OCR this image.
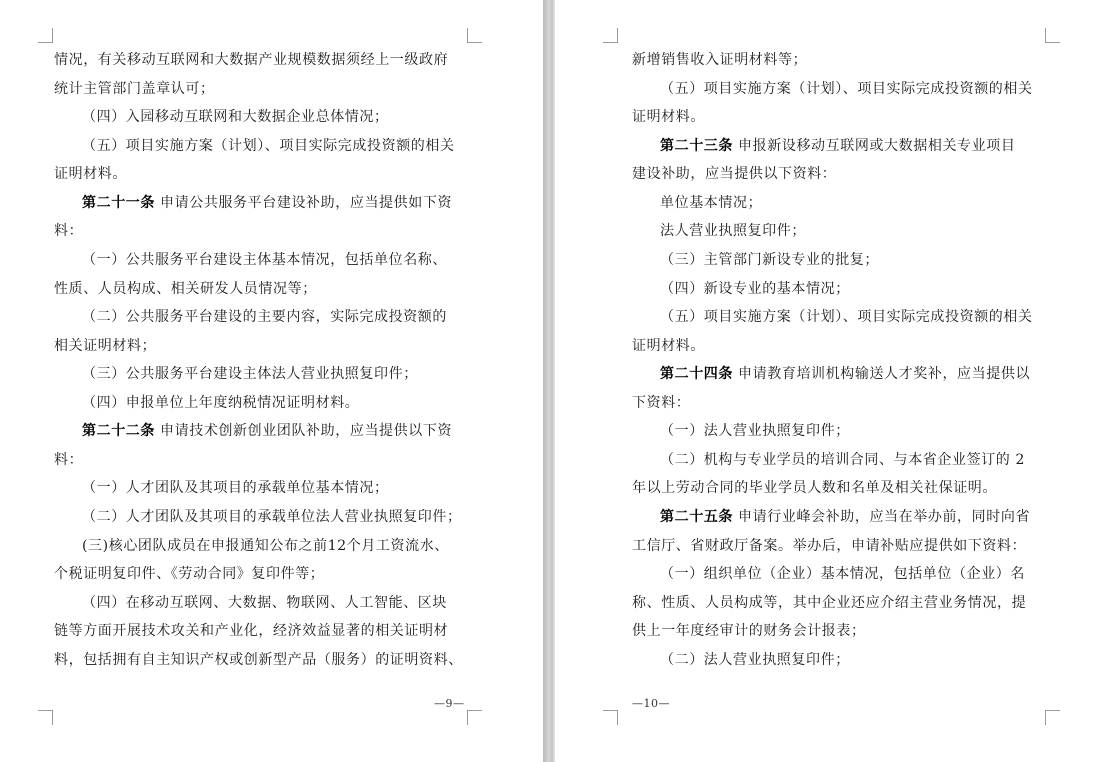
情况，有关移动互联网和大数据产业规模数据须经上一级政府
统计主管部门盖章认可；
（四）入园移动互联网和大数据企业总体情况；
（五）项目实施方案（计划）、项目实际完成投资额的相关
证明材料。
第二十一条 申请公共服务平台建设补助，应当提供如下资
料：
（一）公共服务平台建设主体基本情况，包括单位名称、
性质、人员构成、相关研发人员情况等；
（二）公共服务平台建设的主要内容，实际完成投资额的
相关证明材料；
（三）公共服务平台建设主体法人营业执照复印件；
（四）申报单位上年度纳税情况证明材料。
第二十二条 申请技术创新创业团队补助，应当提供以下资
料：
（一）人才团队及其项目的承载单位基本情况；
（二）人才团队及其项目的承载单位法人营业执照复印件；
(三)核心团队成员在申报通知公布之前12个月工资流水、
个税证明复印件、《劳动合同》复印件等；
（四）在移动互联网、大数据、物联网、人工智能、区块
链等方面开展技术攻关和产业化，经济效益显著的相关证明材
料，包括拥有自主知识产权或创新型产品（服务）的证明资料、
—9—
新增销售收入证明材料等；
（五）项目实施方案（计划）、项目实际完成投资额的相关
证明材料。
第二十三条 申报新设移动互联网或大数据相关专业项目
建设补助，应当提供以下资料：
单位基本情况；
法人营业执照复印件；
（三）主管部门新设专业的批复；
（四）新设专业的基本情况；
（五）项目实施方案（计划）、项目实际完成投资额的相关
证明材料。
第二十四条 申请教育培训机构输送人才奖补，应当提供以
下资料：
（一）法人营业执照复印件；
（二）机构与专业学员的培训合同、与本省企业签订的 2
年以上劳动合同的毕业学员人数和名单及相关社保证明。
第二十五条 申请行业峰会补助，应当在举办前，同时向省
工信厅、省财政厅备案。举办后，申请补贴应提供如下资料：
（一）组织单位（企业）基本情况，包括单位（企业）名
称、性质、人员构成等，其中企业还应介绍主营业务情况，提
供上一年度经审计的财务会计报表；
（二）法人营业执照复印件；
—10—
